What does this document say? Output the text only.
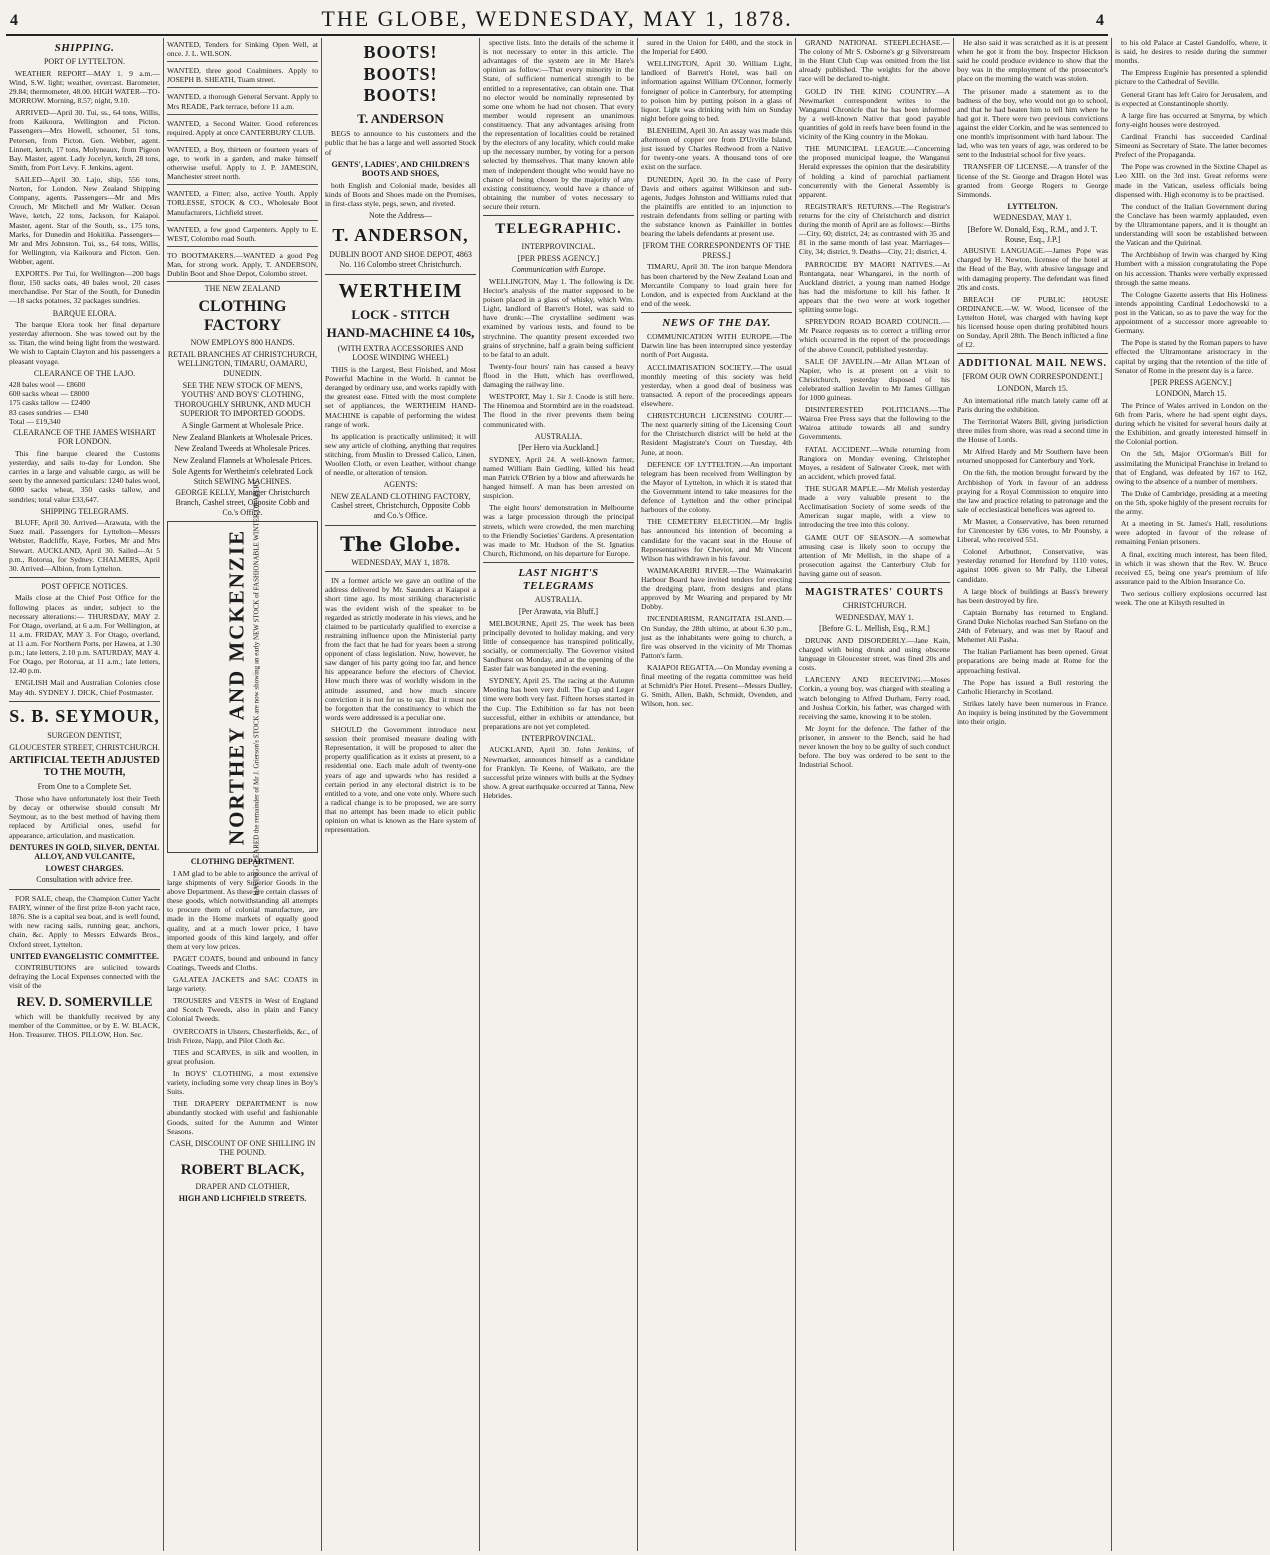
4	THE GLOBE, WEDNESDAY, MAY 1, 1878.	4
SHIPPING.
PORT OF LYTTELTON.

WEATHER REPORT—MAY 1. 9 a.m.—Wind, S.W. light; weather, overcast. Barometer, 29.84; thermometer, 48.00. HIGH WATER—TO-MORROW. Morning, 8.57; night, 9.10.

ARRIVED—April 30. Tui, ss., 64 tons, Willis, from Kaikoura, Wellington and Picton. Passengers—Mrs Howell, schooner, 51 tons, Petersen, from Picton. Gen. Webber, agent. Linnett, ketch, 17 tons, Molyneaux, from Pigeon Bay. Master, agent. Lady Jocelyn, ketch, 28 tons, Smith, from Port Levy. F. Jenkins, agent.

SAILED—April 30. Lajo, ship, 556 tons, Norton, for London. New Zealand Shipping Company, agents. Passengers—Mr and Mrs Crouch, Mr Mitchell and Mr Walker. Ocean Wave, ketch, 22 tons, Jackson, for Kaiapoi. Master, agent. Star of the South, ss., 175 tons, Marks, for Dunedin and Hokitika. Passengers—Mr and Mrs Johnston. Tui, ss., 64 tons, Willis, for Wellington, via Kaikoura and Picton. Gen. Webber, agent.

EXPORTS. Per Tui, for Wellington—200 bags flour, 150 sacks oats, 40 bales wool, 20 cases merchandise. Per Star of the South, for Dunedin—18 sacks potatoes, 32 packages sundries.

BARQUE ELORA.

The barque Elora took her final departure yesterday afternoon. She was towed out by the ss. Titan, the wind being light from the westward. We wish to Captain Clayton and his passengers a pleasant voyage.

CLEARANCE OF THE LAJO.
428 bales wool — £8600
600 sacks wheat — £8000
175 casks tallow — £2400
83 cases sundries — £340
Total — £19,340
CLEARANCE OF THE JAMES WISHART FOR LONDON.

This fine barque cleared the Customs yesterday, and sails to-day for London. She carries in a large and valuable cargo, as will be seen by the annexed particulars: 1240 bales wool, 6000 sacks wheat, 350 casks tallow, and sundries; total value £33,647.

SHIPPING TELEGRAMS.

BLUFF, April 30. Arrived—Arawata, with the Suez mail. Passengers for Lyttelton—Messrs Webster, Radcliffe, Kaye, Forbes, Mr and Mrs Stewart. AUCKLAND, April 30. Sailed—At 5 p.m., Rotorua, for Sydney. CHALMERS, April 30. Arrived—Albion, from Lyttelton.

POST OFFICE NOTICES.

Mails close at the Chief Post Office for the following places as under, subject to the necessary alterations:— THURSDAY, MAY 2. For Otago, overland, at 6 a.m. For Wellington, at 11 a.m. FRIDAY, MAY 3. For Otago, overland, at 11 a.m. For Northern Ports, per Hawea, at 1.30 p.m.; late letters, 2.10 p.m. SATURDAY, MAY 4. For Otago, per Rotorua, at 11 a.m.; late letters, 12.40 p.m.

ENGLISH Mail and Australian Colonies close May 4th. SYDNEY J. DICK, Chief Postmaster.

S. B. SEYMOUR,
SURGEON DENTIST,
GLOUCESTER STREET, CHRISTCHURCH.
ARTIFICIAL TEETH ADJUSTED TO THE MOUTH,
From One to a Complete Set.

Those who have unfortunately lost their Teeth by decay or otherwise should consult Mr Seymour, as to the best method of having them replaced by Artificial ones, useful for appearance, articulation, and mastication.

DENTURES IN GOLD, SILVER, DENTAL ALLOY, AND VULCANITE,
LOWEST CHARGES.
Consultation with advice free.

FOR SALE, cheap, the Champion Cutter Yacht FAIRY, winner of the first prize 8-ton yacht race, 1876. She is a capital sea boat, and is well found, with new racing sails, running gear, anchors, chain, &c. Apply to Messrs Edwards Bros., Oxford street, Lyttelton.

UNITED EVANGELISTIC COMMITTEE.

CONTRIBUTIONS are solicited towards defraying the Local Expenses connected with the visit of the

REV. D. SOMERVILLE

which will be thankfully received by any member of the Committee, or by E. W. BLACK, Hon. Treasurer. THOS. PILLOW, Hon. Sec.

WANTED, Tenders for Sinking Open Well, at once. J. L. WILSON.
WANTED, three good Coalminers. Apply to JOSEPH B. SHEATH, Tuam street.
WANTED, a thorough General Servant. Apply to Mrs READE, Park terrace, before 11 a.m.
WANTED, a Second Waiter. Good references required. Apply at once CANTERBURY CLUB.
WANTED, a Boy, thirteen or fourteen years of age, to work in a garden, and make himself otherwise useful. Apply to J. P. JAMESON, Manchester street north.
WANTED, a Fitter; also, active Youth. Apply TORLESSE, STOCK & CO., Wholesale Boot Manufacturers, Lichfield street.
WANTED, a few good Carpenters. Apply to E. WEST, Colombo road South.
TO BOOTMAKERS.—WANTED a good Peg Man, for strong work. Apply, T. ANDERSON, Dublin Boot and Shoe Depot, Colombo street.
THE NEW ZEALAND
CLOTHING FACTORY
NOW EMPLOYS 800 HANDS.
RETAIL BRANCHES AT CHRISTCHURCH, WELLINGTON, TIMARU, OAMARU, DUNEDIN.
SEE THE NEW STOCK OF MEN'S, YOUTHS' AND BOYS' CLOTHING, THOROUGHLY SHRUNK, AND MUCH SUPERIOR TO IMPORTED GOODS.
A Single Garment at Wholesale Price.
New Zealand Blankets at Wholesale Prices.
New Zealand Tweeds at Wholesale Prices.
New Zealand Flannels at Wholesale Prices.
Sole Agents for Wertheim's celebrated Lock Stitch SEWING MACHINES.
GEORGE KELLY, Manager Christchurch Branch, Cashel street, Opposite Cobb and Co.'s Office.
NORTHEY AND MCKENZIE HAVING CLEARED the remainder of Mr J. Grierson's STOCK are now showing an early NEW STOCK of FASHIONABLE WINTER DRAPERY.
CLOTHING DEPARTMENT.

I AM glad to be able to announce the arrival of large shipments of very Superior Goods in the above Department. As these are certain classes of these goods, which notwithstanding all attempts to procure them of colonial manufacture, are made in the Home markets of equally good quality, and at a much lower price, I have imported goods of this kind largely, and offer them at very low prices.

PAGET COATS, bound and unbound in fancy Coatings, Tweeds and Cloths.

GALATEA JACKETS and SAC COATS in large variety.

TROUSERS and VESTS in West of England and Scotch Tweeds, also in plain and Fancy Colonial Tweeds.

OVERCOATS in Ulsters, Chesterfields, &c., of Irish Frieze, Napp, and Pilot Cloth &c.

TIES and SCARVES, in silk and woollen, in great profusion.

In BOYS' CLOTHING, a most extensive variety, including some very cheap lines in Boy's Suits.

THE DRAPERY DEPARTMENT is now abundantly stocked with useful and fashionable Goods, suited for the Autumn and Winter Seasons.

CASH, DISCOUNT OF ONE SHILLING IN THE POUND.
ROBERT BLACK,
DRAPER AND CLOTHIER,
HIGH AND LICHFIELD STREETS.
BOOTS! BOOTS! BOOTS!
T. ANDERSON

BEGS to announce to his customers and the public that he has a large and well assorted Stock of

GENTS', LADIES', AND CHILDREN'S BOOTS AND SHOES,

both English and Colonial made, besides all kinds of Boots and Shoes made on the Premises, in first-class style, pegs, sewn, and riveted.

Note the Address—
T. ANDERSON,
DUBLIN BOOT AND SHOE DEPOT, 4863 No. 116 Colombo street Christchurch.
WERTHEIM
LOCK - STITCH
HAND-MACHINE £4 10s,
(WITH EXTRA ACCESSORIES AND LOOSE WINDING WHEEL)

THIS is the Largest, Best Finished, and Most Powerful Machine in the World. It cannot be deranged by ordinary use, and works rapidly with the greatest ease. Fitted with the most complete set of appliances, the WERTHEIM HAND-MACHINE is capable of performing the widest range of work.

Its application is practically unlimited; it will sew any article of clothing, anything that requires stitching, from Muslin to Dressed Calico, Linen, Woollen Cloth, or even Leather, without change of needle, or alteration of tension.

AGENTS:
NEW ZEALAND CLOTHING FACTORY, Cashel street, Christchurch, Opposite Cobb and Co.'s Office.
The Globe.
WEDNESDAY, MAY 1, 1878.

IN a former article we gave an outline of the address delivered by Mr. Saunders at Kaiapoi a short time ago. Its most striking characteristic was the evident wish of the speaker to be regarded as strictly moderate in his views, and he claimed to be particularly qualified to exercise a restraining influence upon the Ministerial party from the fact that he had for years been a strong opponent of class legislation. Now, however, he saw danger of his party going too far, and hence his appearance before the electors of Cheviot. How much there was of worldly wisdom in the attitude assumed, and how much sincere conviction it is not for us to say. But it must not be forgotten that the constituency to which the words were addressed is a peculiar one.

SHOULD the Government introduce next session their promised measure dealing with Representation, it will be proposed to alter the property qualification as it exists at present, to a residential one. Each male adult of twenty-one years of age and upwards who has resided a certain period in any electoral district is to be entitled to a vote, and one vote only. Where such a radical change is to be proposed, we are sorry that no attempt has been made to elicit public opinion on what is known as the Hare system of representation.

spective lists. Into the details of the scheme it is not necessary to enter in this article. The advantages of the system are in Mr Hare's opinion as follow:—That every minority in the State, of sufficient numerical strength to be entitled to a representative, can obtain one. That no elector would be nominally represented by some one whom he had not chosen. That every member would represent an unanimous constituency. That any advantages arising from the representation of localities could be retained by the electors of any locality, which could make up the necessary number, by voting for a person selected by themselves. That many known able men of independent thought who would have no chance of being chosen by the majority of any existing constituency, would have a chance of obtaining the number of votes necessary to secure their return.

TELEGRAPHIC.
INTERPROVINCIAL.
[PER PRESS AGENCY.]
Communication with Europe.

WELLINGTON, May 1. The following is Dr. Hector's analysis of the matter supposed to be poison placed in a glass of whisky, which Wm. Light, landlord of Barrett's Hotel, was said to have drunk:—The crystalline sediment was examined by various tests, and found to be strychnine. The quantity present exceeded two grains of strychnine, half a grain being sufficient to be fatal to an adult.

Twenty-four hours' rain has caused a heavy flood in the Hutt, which has overflowed, damaging the railway line.

WESTPORT, May 1. Sir J. Coode is still here. The Hinemoa and Stormbird are in the roadstead. The flood in the river prevents them being communicated with.

AUSTRALIA.
[Per Hero via Auckland.]

SYDNEY, April 24. A well-known farmer, named William Bain Gedling, killed his head man Patrick O'Brien by a blow and afterwards he hanged himself. A man has been arrested on suspicion.

The eight hours' demonstration in Melbourne was a large procession through the principal streets, which were crowded, the men marching to the Friendly Societies' Gardens. A presentation was made to Mr. Hudson of the St. Ignatius Church, Richmond, on his departure for Europe.

LAST NIGHT'S TELEGRAMS
AUSTRALIA.
[Per Arawata, via Bluff.]

MELBOURNE, April 25. The week has been principally devoted to holiday making, and very little of consequence has transpired politically, socially, or commercially. The Governor visited Sandhurst on Monday, and at the opening of the Easter fair was banqueted in the evening.

SYDNEY, April 25. The racing at the Autumn Meeting has been very dull. The Cup and Leger time were both very fast. Fifteen horses started in the Cup. The Exhibition so far has not been successful, either in exhibits or attendance, but preparations are not yet completed.

INTERPROVINCIAL.

AUCKLAND, April 30. John Jenkins, of Newmarket, announces himself as a candidate for Franklyn. Te Keene, of Waikato, are the successful prize winners with bulls at the Sydney show. A great earthquake occurred at Tanna, New Hebrides.

sured in the Union for £400, and the stock in the Imperial for £400.

WELLINGTON, April 30. William Light, landlord of Barrett's Hotel, was bail on information against William O'Connor, formerly foreigner of police in Canterbury, for attempting to poison him by putting poison in a glass of liquor. Light was drinking with him on Sunday night before going to bed.

BLENHEIM, April 30. An assay was made this afternoon of copper ore from D'Urville Island, just issued by Charles Redwood from a Native for twenty-one years. A thousand tons of ore exist on the surface.

DUNEDIN, April 30. In the case of Perry Davis and others against Wilkinson and sub-agents, Judges Johnston and Williams ruled that the plaintiffs are entitled to an injunction to restrain defendants from selling or parting with the substance known as Painkiller in bottles bearing the labels defendants at present use.

[FROM THE CORRESPONDENTS OF THE PRESS.]

TIMARU, April 30. The iron barque Mendora has been chartered by the New Zealand Loan and Mercantile Company to load grain here for London, and is expected from Auckland at the end of the week.

NEWS OF THE DAY.

COMMUNICATION WITH EUROPE.—The Darwin line has been interrupted since yesterday north of Port Augusta.

ACCLIMATISATION SOCIETY.—The usual monthly meeting of this society was held yesterday, when a good deal of business was transacted. A report of the proceedings appears elsewhere.

CHRISTCHURCH LICENSING COURT.—The next quarterly sitting of the Licensing Court for the Christchurch district will be held at the Resident Magistrate's Court on Tuesday, 4th June, at noon.

DEFENCE OF LYTTELTON.—An important telegram has been received from Wellington by the Mayor of Lyttelton, in which it is stated that the Government intend to take measures for the defence of Lyttelton and the other principal harbours of the colony.

THE CEMETERY ELECTION.—Mr Inglis has announced his intention of becoming a candidate for the vacant seat in the House of Representatives for Cheviot, and Mr Vincent Wilson has withdrawn in his favour.

WAIMAKARIRI RIVER.—The Waimakariri Harbour Board have invited tenders for erecting the dredging plant, from designs and plans approved by Mr Wearing and prepared by Mr Dobby.

INCENDIARISM, RANGITATA ISLAND.—On Sunday, the 28th ultimo, at about 6.30 p.m., just as the inhabitants were going to church, a fire was observed in the vicinity of Mr Thomas Patton's farm.

KAIAPOI REGATTA.—On Monday evening a final meeting of the regatta committee was held at Schmidt's Pier Hotel. Present—Messrs Dudley, G. Smith, Allen, Bakh, Schmidt, Ovenden, and Wilson, hon. sec.

GRAND NATIONAL STEEPLECHASE.—The colony of Mr S. Osborne's gr g Silverstream in the Hunt Club Cup was omitted from the list already published. The weights for the above race will be declared to-night.

GOLD IN THE KING COUNTRY.—A Newmarket correspondent writes to the Wanganui Chronicle that he has been informed by a well-known Native that good payable quantities of gold in reefs have been found in the vicinity of the King country in the Mokau.

THE MUNICIPAL LEAGUE.—Concerning the proposed municipal league, the Wanganui Herald expresses the opinion that the desirability of holding a kind of parochial parliament concurrently with the General Assembly is apparent.

REGISTRAR'S RETURNS.—The Registrar's returns for the city of Christchurch and district during the month of April are as follows:—Births—City, 60; district, 24; as contrasted with 35 and 81 in the same month of last year. Marriages—City, 34; district, 9. Deaths—City, 21; district, 4.

PARROCIDE BY MAORI NATIVES.—At Runtangata, near Whangarei, in the north of Auckland district, a young man named Hodge has had the misfortune to kill his father. It appears that the two were at work together splitting some logs.

SPREYDON ROAD BOARD COUNCIL.—Mr Pearce requests us to correct a trifling error which occurred in the report of the proceedings of the above Council, published yesterday.

SALE OF JAVELIN.—Mr Allan M'Lean of Napier, who is at present on a visit to Christchurch, yesterday disposed of his celebrated stallion Javelin to Mr James Gilligan for 1000 guineas.

DISINTERESTED POLITICIANS.—The Wairoa Free Press says that the following to the Wairoa attitude towards all and sundry Governments.

FATAL ACCIDENT.—While returning from Rangiora on Monday evening, Christopher Moyes, a resident of Saltwater Creek, met with an accident, which proved fatal.

THE SUGAR MAPLE.—Mr Melish yesterday made a very valuable present to the Acclimatisation Society of some seeds of the American sugar maple, with a view to introducing the tree into this colony.

GAME OUT OF SEASON.—A somewhat amusing case is likely soon to occupy the attention of Mr Mellish, in the shape of a prosecution against the Canterbury Club for having game out of season.

MAGISTRATES' COURTS
CHRISTCHURCH.
WEDNESDAY, MAY 1.
[Before G. L. Mellish, Esq., R.M.]

DRUNK AND DISORDERLY.—Jane Kain, charged with being drunk and using obscene language in Gloucester street, was fined 20s and costs.

LARCENY AND RECEIVING.—Moses Corkin, a young boy, was charged with stealing a watch belonging to Alfred Durham, Ferry road, and Joshua Corkin, his father, was charged with receiving the same, knowing it to be stolen.

Mr Joynt for the defence. The father of the prisoner, in answer to the Bench, said he had never known the boy to be guilty of such conduct before. The boy was ordered to be sent to the Industrial School.

He also said it was scratched as it is at present when he got it from the boy. Inspector Hickson said he could produce evidence to show that the boy was in the employment of the prosecutor's place on the morning the watch was stolen.

The prisoner made a statement as to the badness of the boy, who would not go to school, and that he had beaten him to tell him where he had got it. There were two previous convictions against the elder Corkin, and he was sentenced to one month's imprisonment with hard labour. The lad, who was ten years of age, was ordered to be sent to the Industrial school for five years.

TRANSFER OF LICENSE.—A transfer of the license of the St. George and Dragon Hotel was granted from George Rogers to George Simmonds.

LYTTELTON.
WEDNESDAY, MAY 1.
[Before W. Donald, Esq., R.M., and J. T. Rouse, Esq., J.P.]

ABUSIVE LANGUAGE.—James Pope was charged by H. Newton, licensee of the hotel at the Head of the Bay, with abusive language and with damaging property. The defendant was fined 20s and costs.

BREACH OF PUBLIC HOUSE ORDINANCE.—W. W. Wood, licensee of the Lyttelton Hotel, was charged with having kept his licensed house open during prohibited hours on Sunday, April 28th. The Bench inflicted a fine of £2.

ADDITIONAL MAIL NEWS.
[FROM OUR OWN CORRESPONDENT.]
LONDON, March 15.

An international rifle match lately came off at Paris during the exhibition.

The Territorial Waters Bill, giving jurisdiction three miles from shore, was read a second time in the House of Lords.

Mr Alfred Hardy and Mr Southern have been returned unopposed for Canterbury and York.

On the 6th, the motion brought forward by the Archbishop of York in favour of an address praying for a Royal Commission to enquire into the law and practice relating to patronage and the sale of ecclesiastical benefices was agreed to.

Mr Master, a Conservative, has been returned for Cirencester by 636 votes, to Mr Pounsby, a Liberal, who received 551.

Colonel Arbuthnot, Conservative, was yesterday returned for Hereford by 1110 votes, against 1006 given to Mr Pally, the Liberal candidate.

A large block of buildings at Bass's brewery has been destroyed by fire.

Captain Burnaby has returned to England. Grand Duke Nicholas reached San Stefano on the 24th of February, and was met by Raouf and Mehemet Ali Pasha.

The Italian Parliament has been opened. Great preparations are being made at Rome for the approaching festival.

The Pope has issued a Bull restoring the Catholic Hierarchy in Scotland.

Strikes lately have been numerous in France. An inquiry is being instituted by the Government into their origin.

to his old Palace at Castel Gandolfo, where, it is said, he desires to reside during the summer months.

The Empress Eugénie has presented a splendid picture to the Cathedral of Seville.

General Grant has left Cairo for Jerusalem, and is expected at Constantinople shortly.

A large fire has occurred at Smyrna, by which forty-eight houses were destroyed.

Cardinal Franchi has succeeded Cardinal Simeoni as Secretary of State. The latter becomes Prefect of the Propaganda.

The Pope was crowned in the Sixtine Chapel as Leo XIII. on the 3rd inst. Great reforms were made in the Vatican, useless officials being dispensed with. High economy is to be practised.

The conduct of the Italian Government during the Conclave has been warmly applauded, even by the Ultramontane papers, and it is thought an understanding will soon be established between the Vatican and the Quirinal.

The Archbishop of Irwin was charged by King Humbert with a mission congratulating the Pope on his accession. Thanks were verbally expressed through the same means.

The Cologne Gazette asserts that His Holiness intends appointing Cardinal Ledochowski to a post in the Vatican, so as to pave the way for the appointment of a successor more agreeable to Germany.

The Pope is stated by the Roman papers to have effected the Ultramontane aristocracy in the capital by urging that the retention of the title of Senator of Rome in the present day is a farce.

[PER PRESS AGENCY.]
LONDON, March 15.

The Prince of Wales arrived in London on the 6th from Paris, where he had spent eight days, during which he visited for several hours daily at the Exhibition, and greatly interested himself in the Colonial portion.

On the 5th, Major O'Gorman's Bill for assimilating the Municipal Franchise in Ireland to that of England, was defeated by 167 to 162, owing to the absence of a number of members.

The Duke of Cambridge, presiding at a meeting on the 5th, spoke highly of the present recruits for the army.

At a meeting in St. James's Hall, resolutions were adopted in favour of the release of remaining Fenian prisoners.

A final, exciting much interest, has been filed, in which it was shown that the Rev. W. Bruce received £5, being one year's premium of life assurance paid to the Albion Insurance Co.

Two serious colliery explosions occurred last week. The one at Kilsyth resulted in
